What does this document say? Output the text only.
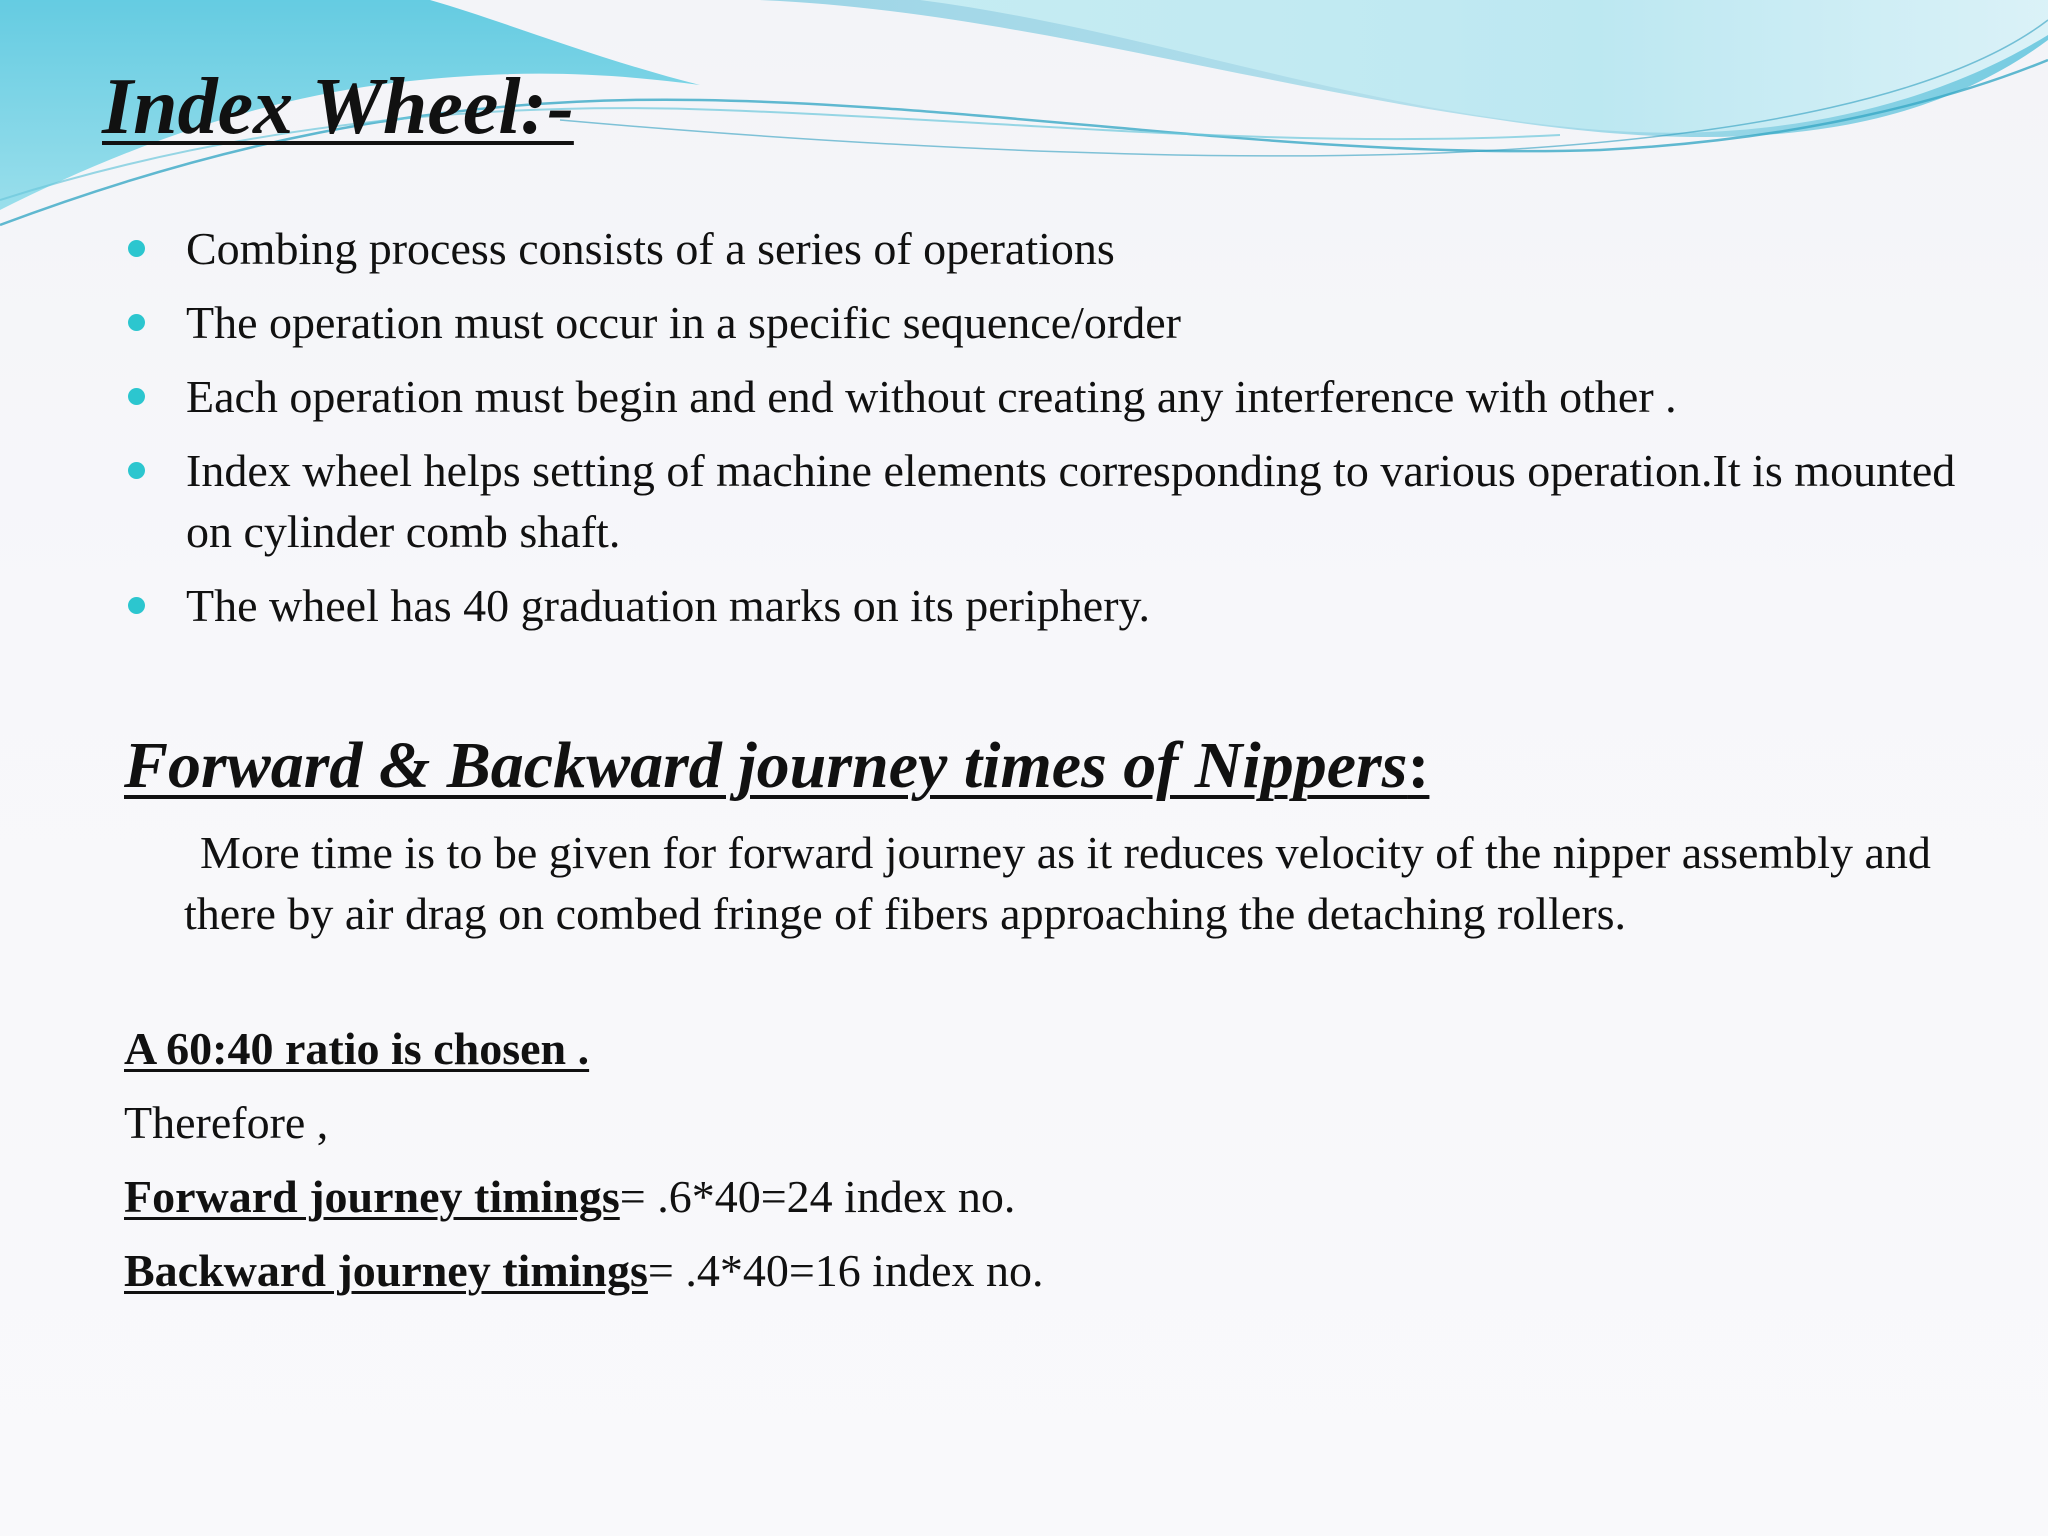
Index Wheel:-
Combing process consists of a series of operations
The operation must occur in a specific sequence/order
Each operation must begin and end without creating any interference with other .
Index wheel helps setting of machine elements corresponding to various operation.It is mounted on cylinder comb shaft.
The wheel has 40 graduation marks on its periphery.
Forward & Backward journey times of Nippers:

More time is to be given for forward journey as it reduces velocity of the nipper assembly and there by air drag on combed fringe of fibers approaching the detaching rollers.

A 60:40 ratio is chosen .

Therefore ,

Forward journey timings= .6*40=24 index no.

Backward journey timings= .4*40=16 index no.
